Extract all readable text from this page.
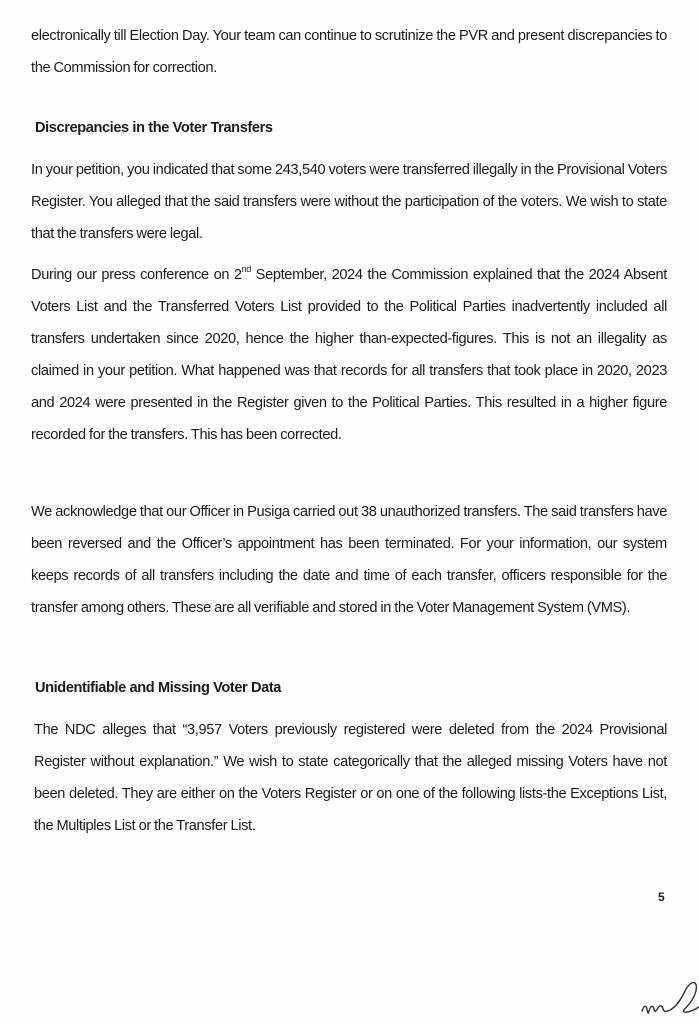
electronically till Election Day. Your team can continue to scrutinize the PVR and present discrepancies to the Commission for correction.

Discrepancies in the Voter Transfers

In your petition, you indicated that some 243,540 voters were transferred illegally in the Provisional Voters Register. You alleged that the said transfers were without the participation of the voters. We wish to state that the transfers were legal.

During our press conference on 2nd September, 2024 the Commission explained that the 2024 Absent Voters List and the Transferred Voters List provided to the Political Parties inadvertently included all transfers undertaken since 2020, hence the higher than-expected-figures. This is not an illegality as claimed in your petition. What happened was that records for all transfers that took place in 2020, 2023 and 2024 were presented in the Register given to the Political Parties. This resulted in a higher figure recorded for the transfers. This has been corrected.

We acknowledge that our Officer in Pusiga carried out 38 unauthorized transfers. The said transfers have been reversed and the Officer’s appointment has been terminated. For your information, our system keeps records of all transfers including the date and time of each transfer, officers responsible for the transfer among others. These are all verifiable and stored in the Voter Management System (VMS).

Unidentifiable and Missing Voter Data

The NDC alleges that “3,957 Voters previously registered were deleted from the 2024 Provisional Register without explanation.” We wish to state categorically that the alleged missing Voters have not been deleted. They are either on the Voters Register or on one of the following lists-the Exceptions List, the Multiples List or the Transfer List.

5
